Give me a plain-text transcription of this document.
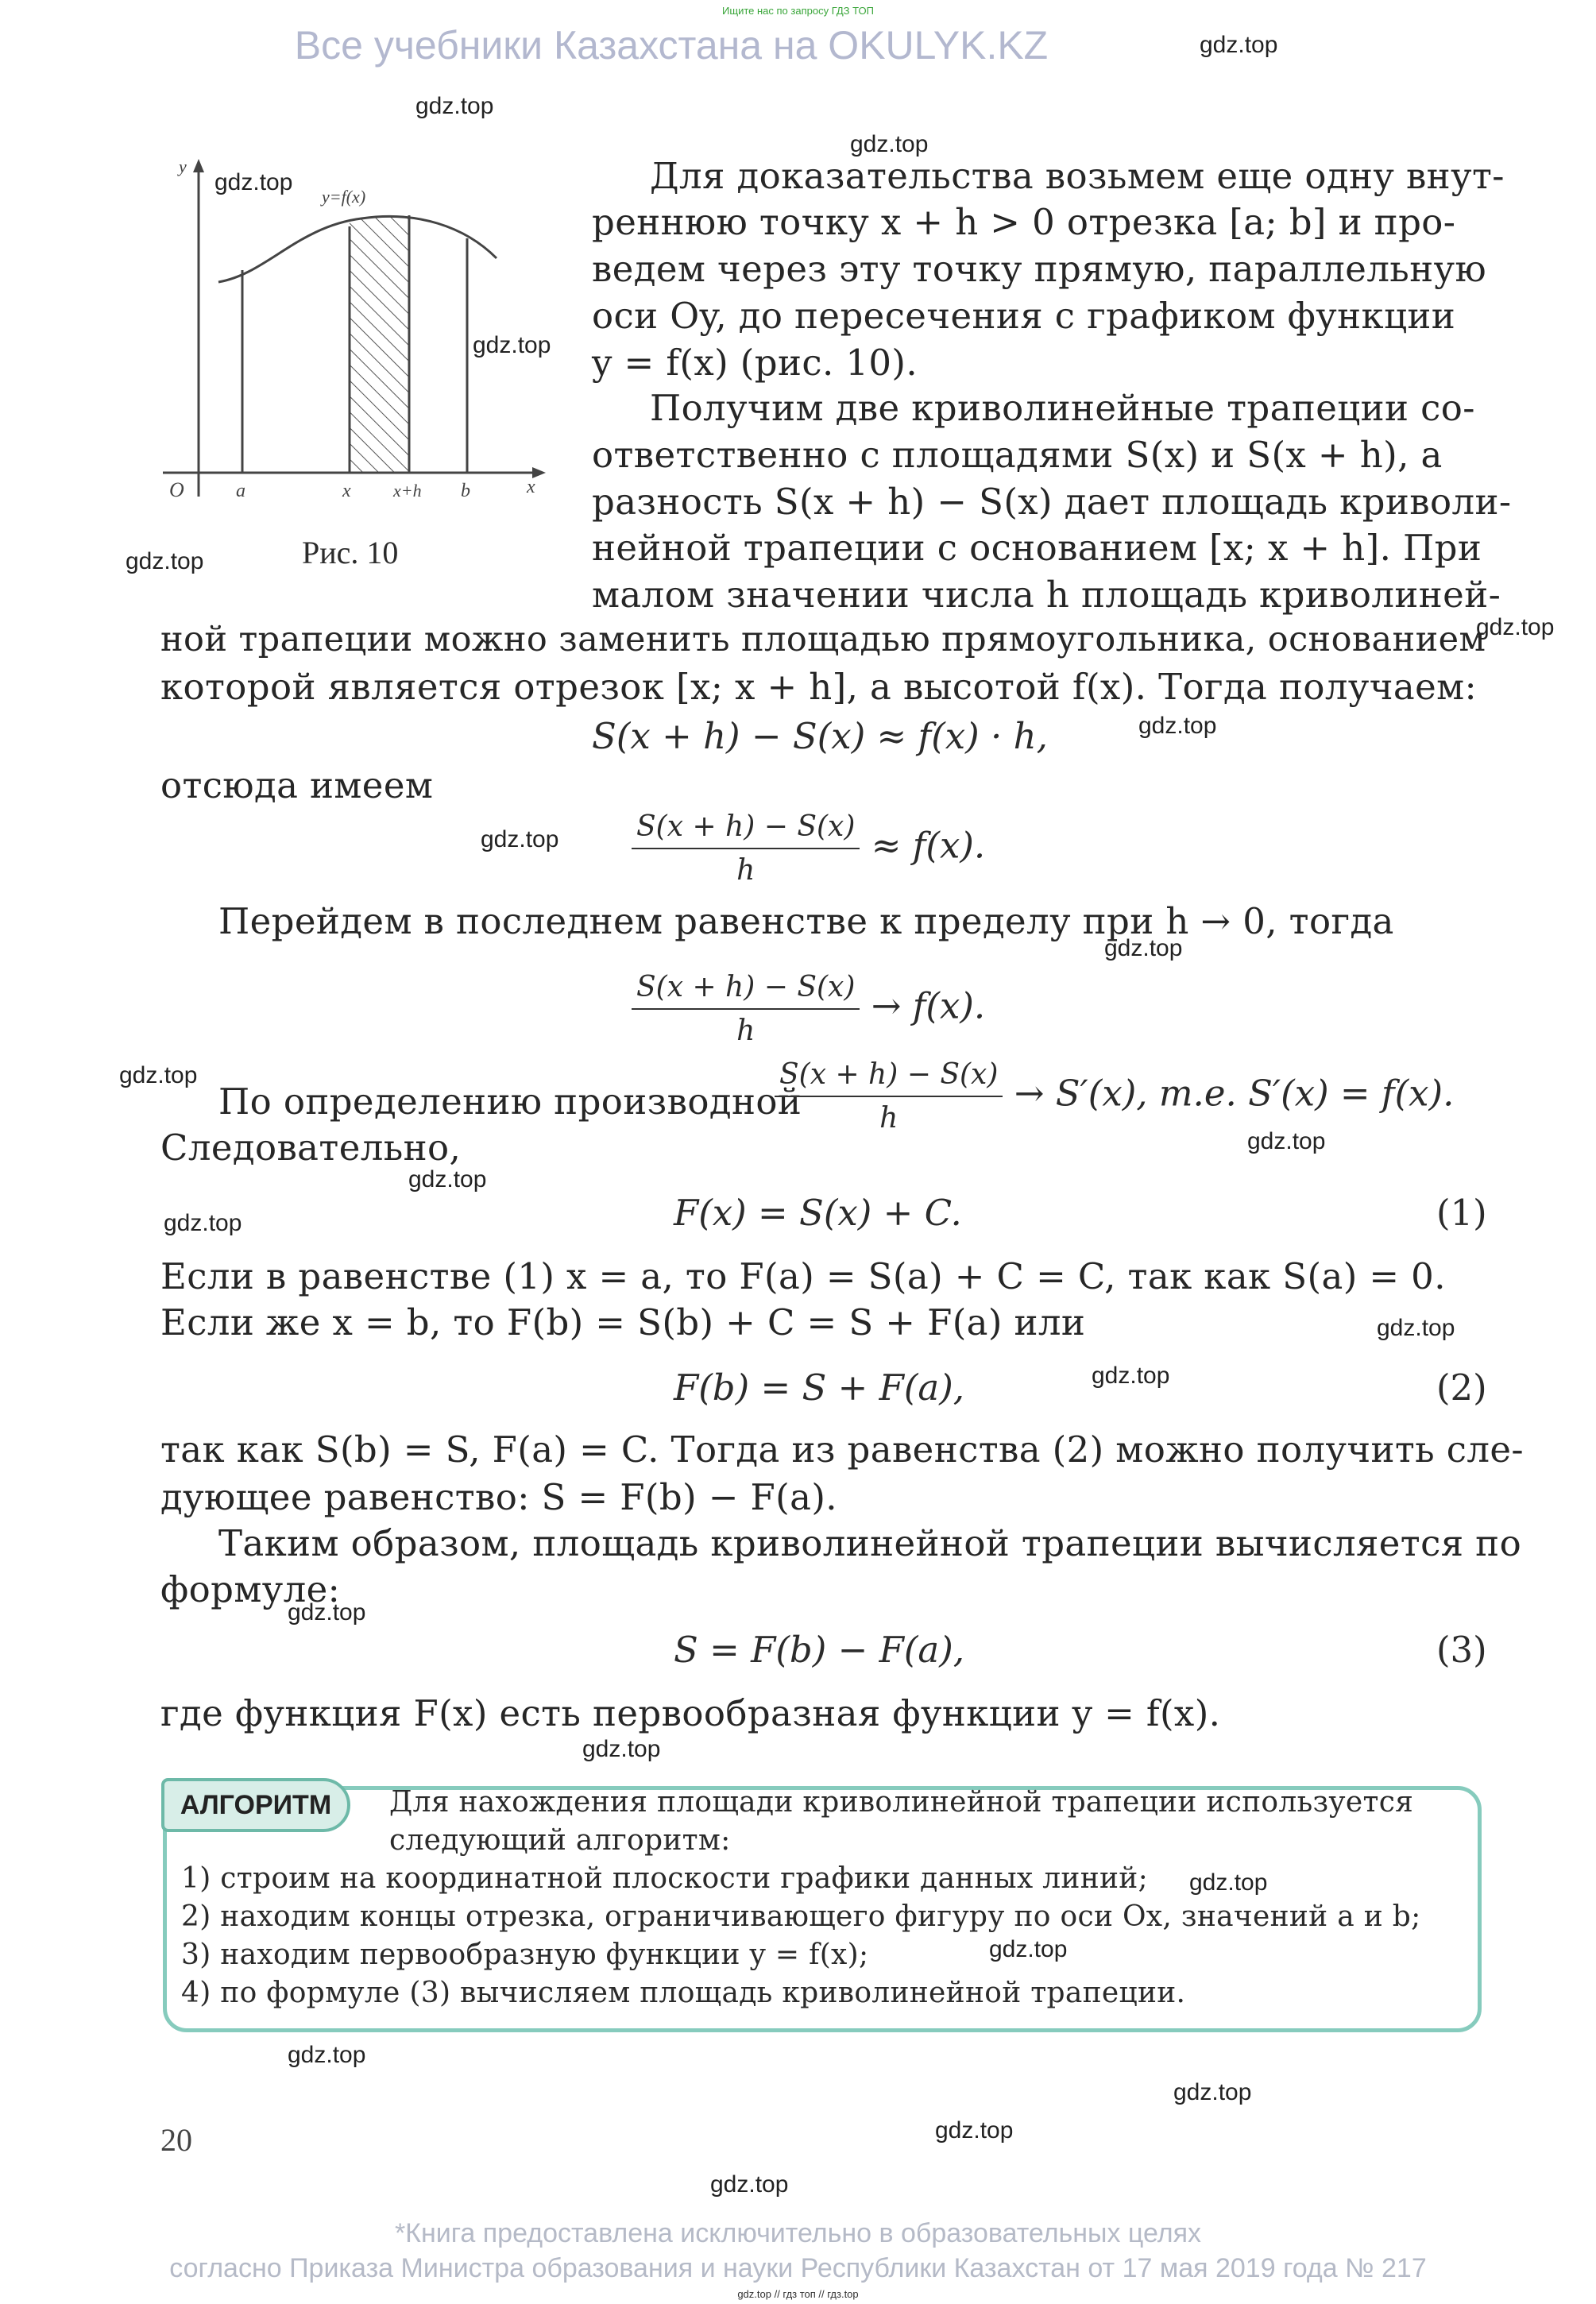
Ищите нас по запросу ГДЗ ТОП
Все учебники Казахстана на OKULYK.KZ
y
y=f(x)
O	a	x x+h b	x
Рис. 10
Для доказательства возьмем еще одну внут-
реннюю точку x + h > 0 отрезка [a; b] и про-
ведем через эту точку прямую, параллельную
оси Oy, до пересечения с графиком функции
y = f(x) (рис. 10).
Получим две криволинейные трапеции со-
ответственно с площадями S(x) и S(x + h), а
разность S(x + h) − S(x) дает площадь криволи-
нейной трапеции с основанием [x; x + h]. При
малом значении числа h площадь криволиней-
ной трапеции можно заменить площадью прямоугольника, основанием
которой является отрезок [x; x + h], а высотой f(x). Тогда получаем:
S(x + h) − S(x) ≈ f(x) · h,
отсюда имеем
$\frac{S(x + h) - S(x)}{h} \approx f(x)$.
Перейдем в последнем равенстве к пределу при h → 0, тогда
$\frac{S(x + h) - S(x)}{h} \to f(x)$.
По определению производной
$\frac{S(x + h) - S(x)}{h} \to S'(x)$, т.е. S′(x) = f(x).
Следовательно,
F(x) = S(x) + C.	(1)
Если в равенстве (1) x = a, то F(a) = S(a) + C = C, так как S(a) = 0.
Если же x = b, то F(b) = S(b) + C = S + F(a) или
F(b) = S + F(a),	(2)
так как S(b) = S, F(a) = C. Тогда из равенства (2) можно получить сле-
дующее равенство: S = F(b) − F(a).
Таким образом, площадь криволинейной трапеции вычисляется по
формуле:
S = F(b) − F(a),	(3)
где функция F(x) есть первообразная функции y = f(x).
АЛГОРИТМ	Для нахождения площади криволинейной трапеции используется
следующий алгоритм:
1) строим на координатной плоскости графики данных линий;
2) находим концы отрезка, ограничивающего фигуру по оси Ox, значений a и b;
3) находим первообразную функции y = f(x);
4) по формуле (3) вычисляем площадь криволинейной трапеции.
20
gdz.top
gdz.top
gdz.top
gdz.top
gdz.top
gdz.top
gdz.top
gdz.top
gdz.top
gdz.top
gdz.top
gdz.top
gdz.top
gdz.top
gdz.top
gdz.top
gdz.top
gdz.top
gdz.top
gdz.top
gdz.top
gdz.top
gdz.top
gdz.top
*Книга предоставлена исключительно в образовательных целях
согласно Приказа Министра образования и науки Республики Казахстан от 17 мая 2019 года № 217
gdz.top // гдз топ // гдз.top
